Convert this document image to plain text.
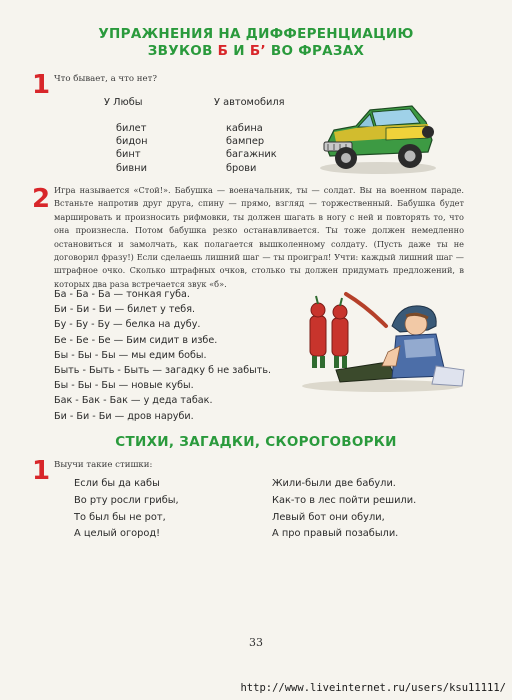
УПРАЖНЕНИЯ НА ДИФФЕРЕНЦИАЦИЮ
ЗВУКОВ Б И Б’ ВО ФРАЗАХ
1 Что бывает, а что нет?
У Любы	У автомобиля
билет
бидон
бинт
бивни
кабина
бампер
багажник
брови
2 Игра называется «Стой!». Бабушка — военачальник, ты — солдат. Вы на военном параде. Встаньте напротив друг друга, спину — прямо, взгляд — торжественный. Бабушка будет маршировать и произносить рифмовки, ты должен шагать в ногу с ней и повторять то, что она произнесла. Потом бабушка резко останавливается. Ты тоже должен немедленно остановиться и замолчать, как полагается вышколенному солдату. (Пусть даже ты не договорил фразу!) Если сделаешь лишний шаг — ты проиграл! Учти: каждый лишний шаг — штрафное очко. Сколько штрафных очков, столько ты должен придумать предложений, в которых два раза встречается звук «б».

Ба - Ба - Ба — тонкая губа.
Би - Би - Би — билет у тебя.
Бу - Бу - Бу — белка на дубу.
Бе - Бе - Бе — Бим сидит в избе.
Бы - Бы - Бы — мы едим бобы.
Быть - Быть - Быть — загадку б не забыть.
Бы - Бы - Бы — новые кубы.
Бак - Бак - Бак — у деда табак.
Би - Би - Би — дров наруби.
СТИХИ, ЗАГАДКИ, СКОРОГОВОРКИ
1 Выучи такие стишки:
Если бы да кабы
Во рту росли грибы,
То был бы не рот,
А целый огород!
Жили-были две бабули.
Как-то в лес пойти решили.
Левый бот они обули,
А про правый позабыли.
33
http://www.liveinternet.ru/users/ksu11111/
